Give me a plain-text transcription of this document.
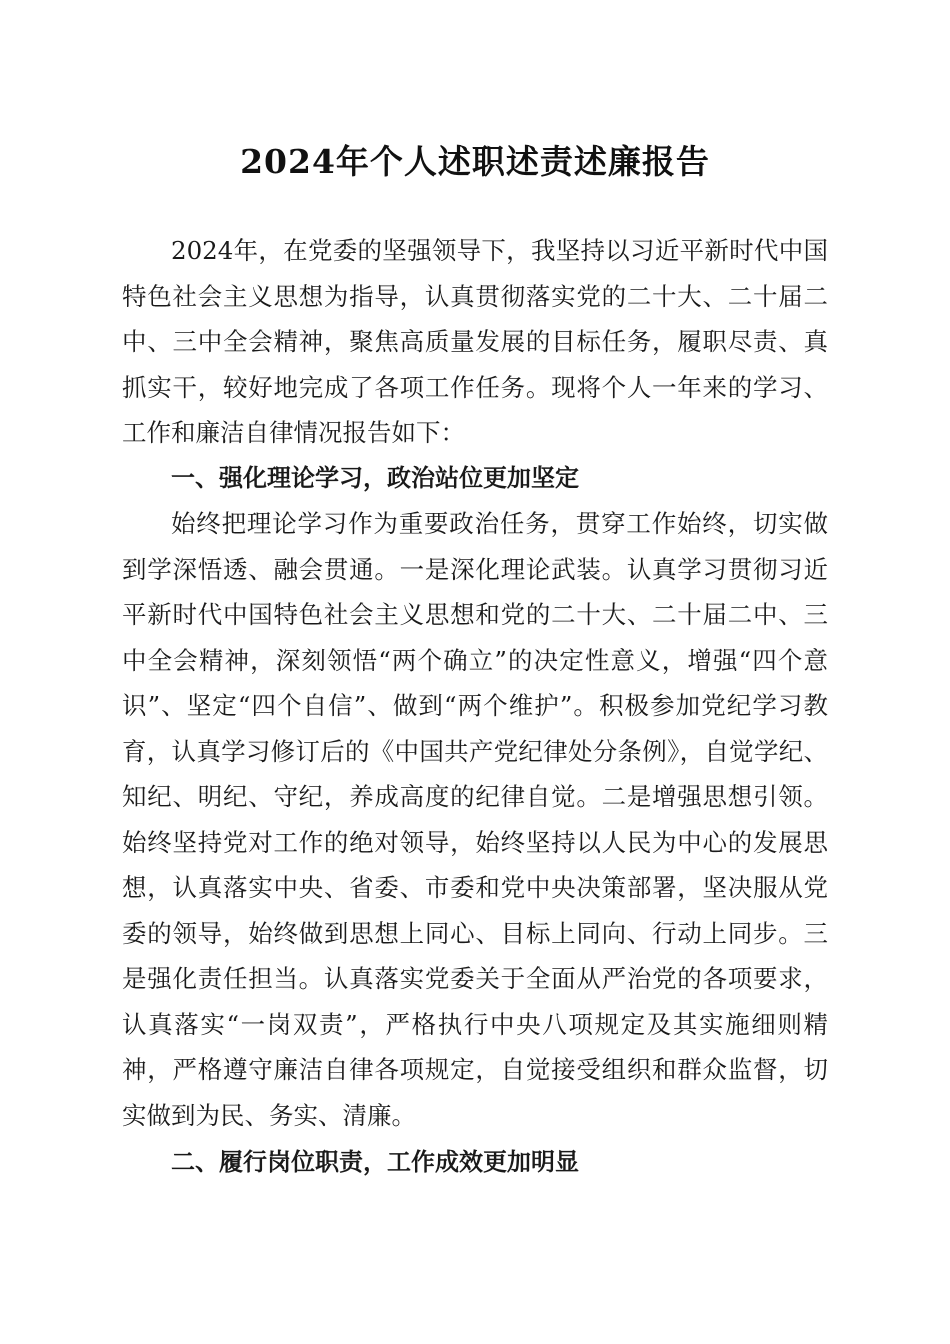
2024年个人述职述责述廉报告

2024年，在党委的坚强领导下，我坚持以习近平新时代中国特色社会主义思想为指导，认真贯彻落实党的二十大、二十届二中、三中全会精神，聚焦高质量发展的目标任务，履职尽责、真抓实干，较好地完成了各项工作任务。现将个人一年来的学习、工作和廉洁自律情况报告如下：

一、强化理论学习，政治站位更加坚定

始终把理论学习作为重要政治任务，贯穿工作始终，切实做到学深悟透、融会贯通。一是深化理论武装。认真学习贯彻习近平新时代中国特色社会主义思想和党的二十大、二十届二中、三中全会精神，深刻领悟“两个确立”的决定性意义，增强“四个意识”、坚定“四个自信”、做到“两个维护”。积极参加党纪学习教育，认真学习修订后的《中国共产党纪律处分条例》，自觉学纪、知纪、明纪、守纪，养成高度的纪律自觉。二是增强思想引领。始终坚持党对工作的绝对领导，始终坚持以人民为中心的发展思想，认真落实中央、省委、市委和党中央决策部署，坚决服从党委的领导，始终做到思想上同心、目标上同向、行动上同步。三是强化责任担当。认真落实党委关于全面从严治党的各项要求，认真落实“一岗双责”，严格执行中央八项规定及其实施细则精神，严格遵守廉洁自律各项规定，自觉接受组织和群众监督，切实做到为民、务实、清廉。

二、履行岗位职责，工作成效更加明显
